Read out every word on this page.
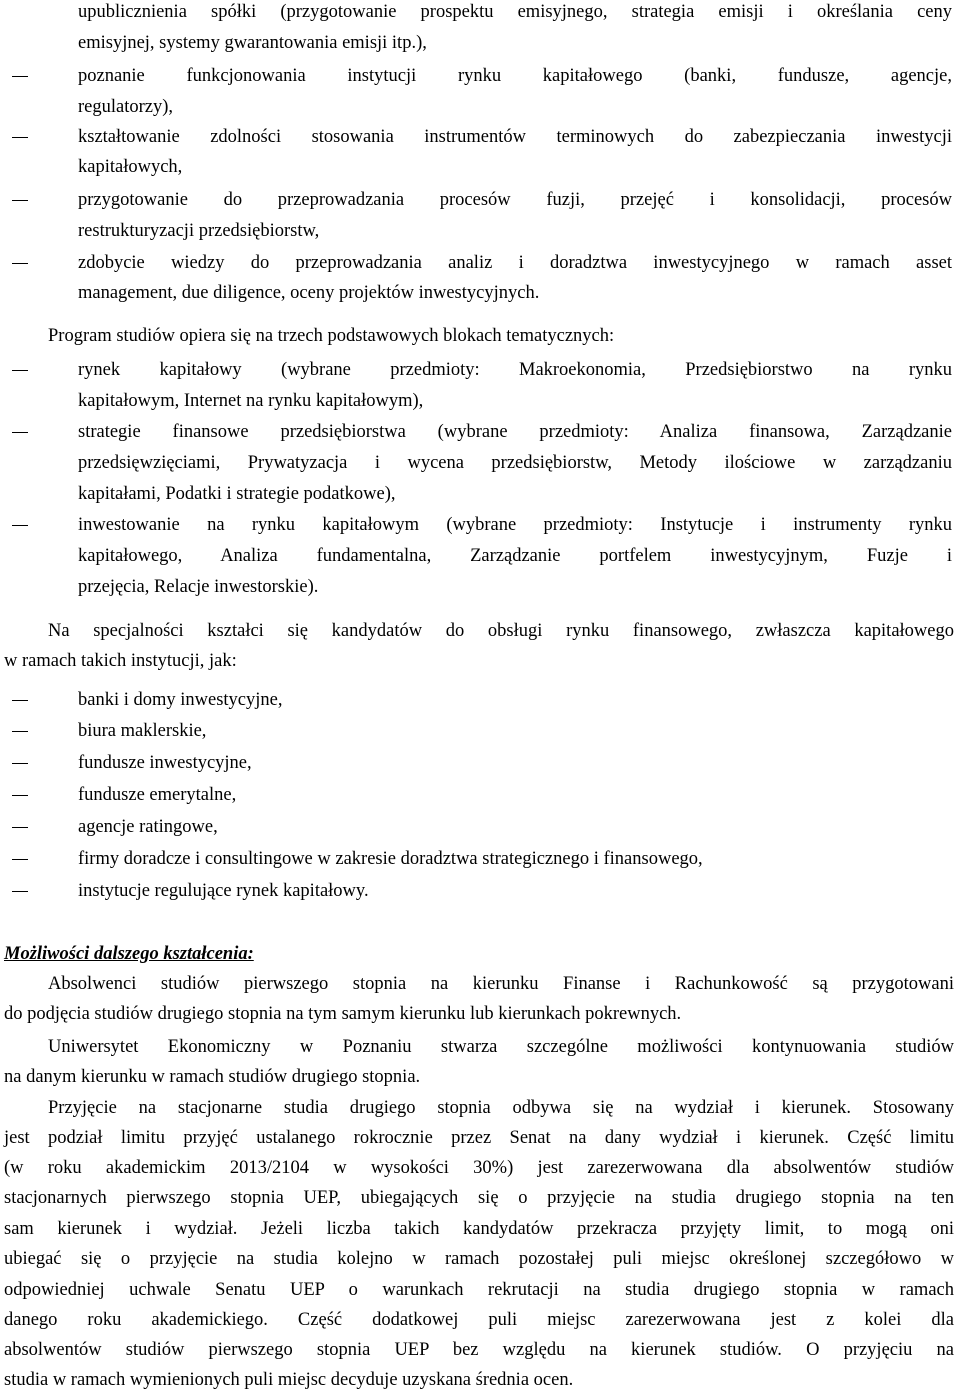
upublicznienia spółki (przygotowanie prospektu emisyjnego, strategia emisji i określania ceny
emisyjnej, systemy gwarantowania emisji itp.),
poznanie funkcjonowania instytucji rynku kapitałowego (banki, fundusze, agencje,
regulatorzy),
kształtowanie zdolności stosowania instrumentów terminowych do zabezpieczania inwestycji
kapitałowych,
przygotowanie do przeprowadzania procesów fuzji, przejęć i konsolidacji, procesów
restrukturyzacji przedsiębiorstw,
zdobycie wiedzy do przeprowadzania analiz i doradztwa inwestycyjnego w ramach asset
management, due diligence, oceny projektów inwestycyjnych.

Program studiów opiera się na trzech podstawowych blokach tematycznych:

rynek kapitałowy (wybrane przedmioty: Makroekonomia, Przedsiębiorstwo na rynku
kapitałowym, Internet na rynku kapitałowym),
strategie finansowe przedsiębiorstwa (wybrane przedmioty: Analiza finansowa, Zarządzanie
przedsięwzięciami, Prywatyzacja i wycena przedsiębiorstw, Metody ilościowe w zarządzaniu
kapitałami, Podatki i strategie podatkowe),
inwestowanie na rynku kapitałowym (wybrane przedmioty: Instytucje i instrumenty rynku
kapitałowego, Analiza fundamentalna, Zarządzanie portfelem inwestycyjnym, Fuzje i
przejęcia, Relacje inwestorskie).
Na specjalności kształci się kandydatów do obsługi rynku finansowego, zwłaszcza kapitałowego
w ramach takich instytucji, jak:
banki i domy inwestycyjne,
biura maklerskie,
fundusze inwestycyjne,
fundusze emerytalne,
agencje ratingowe,
firmy doradcze i consultingowe w zakresie doradztwa strategicznego i finansowego,
instytucje regulujące rynek kapitałowy.
Możliwości dalszego kształcenia:
Absolwenci studiów pierwszego stopnia na kierunku Finanse i Rachunkowość są przygotowani
do podjęcia studiów drugiego stopnia na tym samym kierunku lub kierunkach pokrewnych.
Uniwersytet Ekonomiczny w Poznaniu stwarza szczególne możliwości kontynuowania studiów
na danym kierunku w ramach studiów drugiego stopnia.
Przyjęcie na stacjonarne studia drugiego stopnia odbywa się na wydział i kierunek. Stosowany
jest podział limitu przyjęć ustalanego rokrocznie przez Senat na dany wydział i kierunek. Część limitu
(w roku akademickim 2013/2104 w wysokości 30%) jest zarezerwowana dla absolwentów studiów
stacjonarnych pierwszego stopnia UEP, ubiegających się o przyjęcie na studia drugiego stopnia na ten
sam kierunek i wydział. Jeżeli liczba takich kandydatów przekracza przyjęty limit, to mogą oni
ubiegać się o przyjęcie na studia kolejno w ramach pozostałej puli miejsc określonej szczegółowo w
odpowiedniej uchwale Senatu UEP o warunkach rekrutacji na studia drugiego stopnia w ramach
danego roku akademickiego. Część dodatkowej puli miejsc zarezerwowana jest z kolei dla
absolwentów studiów pierwszego stopnia UEP bez względu na kierunek studiów. O przyjęciu na
studia w ramach wymienionych puli miejsc decyduje uzyskana średnia ocen.
